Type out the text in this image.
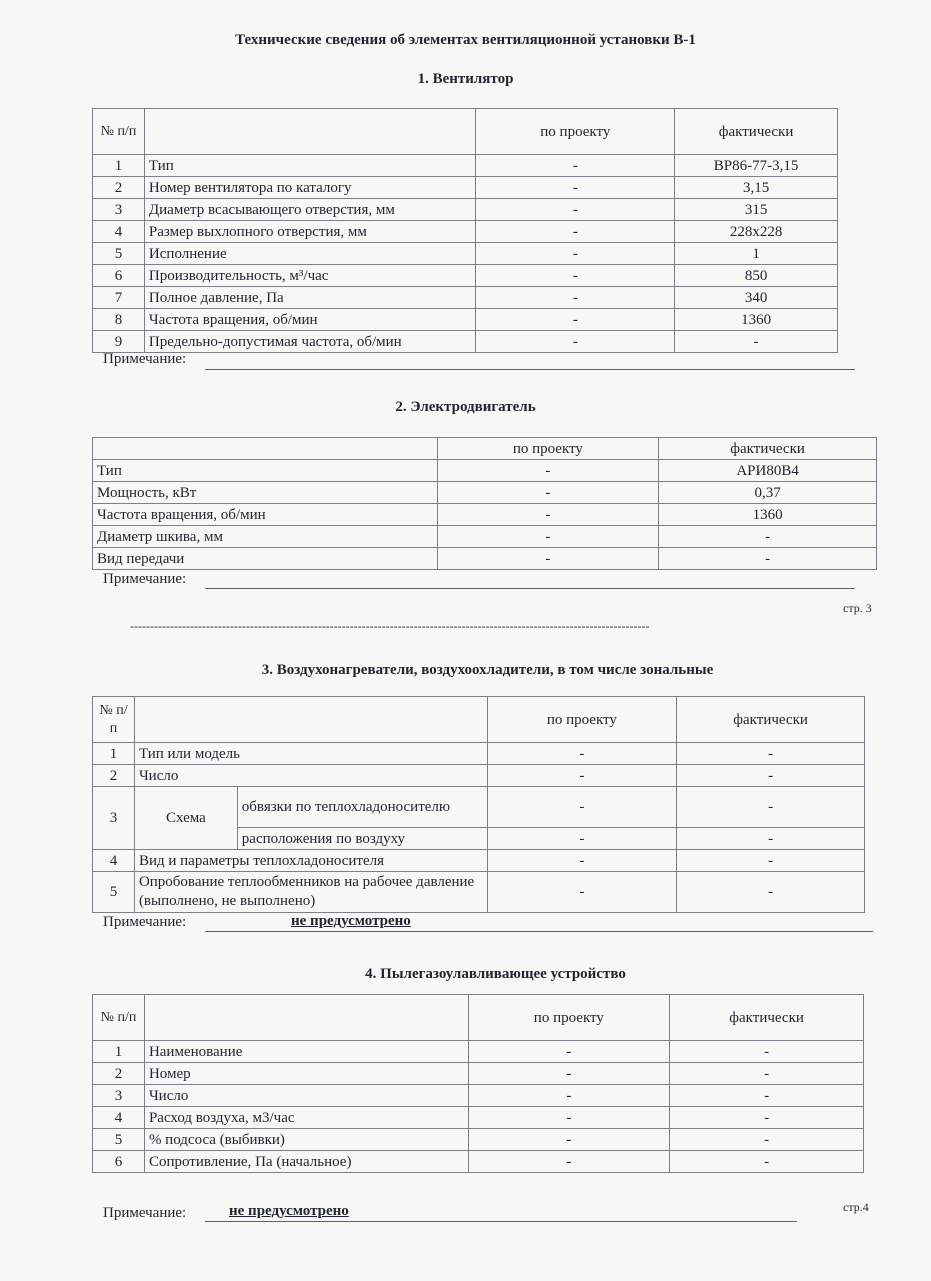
Технические сведения об элементах вентиляционной установки В-1
1. Вентилятор
№ п/п		по проекту	фактически
1	Тип	-	ВР86-77-3,15
2	Номер вентилятора по каталогу	-	3,15
3	Диаметр всасывающего отверстия, мм	-	315
4	Размер выхлопного отверстия, мм	-	228х228
5	Исполнение	-	1
6	Производительность, м³/час	-	850
7	Полное давление, Па	-	340
8	Частота вращения, об/мин	-	1360
9	Предельно-допустимая частота, об/мин	-	-
Примечание:
2. Электродвигатель
	по проекту	фактически
Тип	-	АРИ80В4
Мощность, кВт	-	0,37
Частота вращения, об/мин	-	1360
Диаметр шкива, мм	-	-
Вид передачи	-	-
Примечание:
стр. 3
----------------------------------------------------------------------------------------------------------------------------------
3. Воздухонагреватели, воздухоохладители, в том числе зональные
№ п/п			по проекту	фактически
1	Тип или модель		-	-
2	Число		-	-
3	Схема	обвязки по теплохладоносителю	-	-
		расположения по воздуху	-	-
4	Вид и параметры теплохладоносителя		-	-
5	Опробование теплообменников на рабочее давление (выполнено, не выполнено)		-	-
Примечание:	не предусмотрено
4. Пылегазоулавливающее устройство
№ п/п		по проекту	фактически
1	Наименование	-	-
2	Номер	-	-
3	Число	-	-
4	Расход воздуха, м3/час	-	-
5	% подсоса (выбивки)	-	-
6	Сопротивление, Па (начальное)	-	-
Примечание:	не предусмотрено	стр.4
